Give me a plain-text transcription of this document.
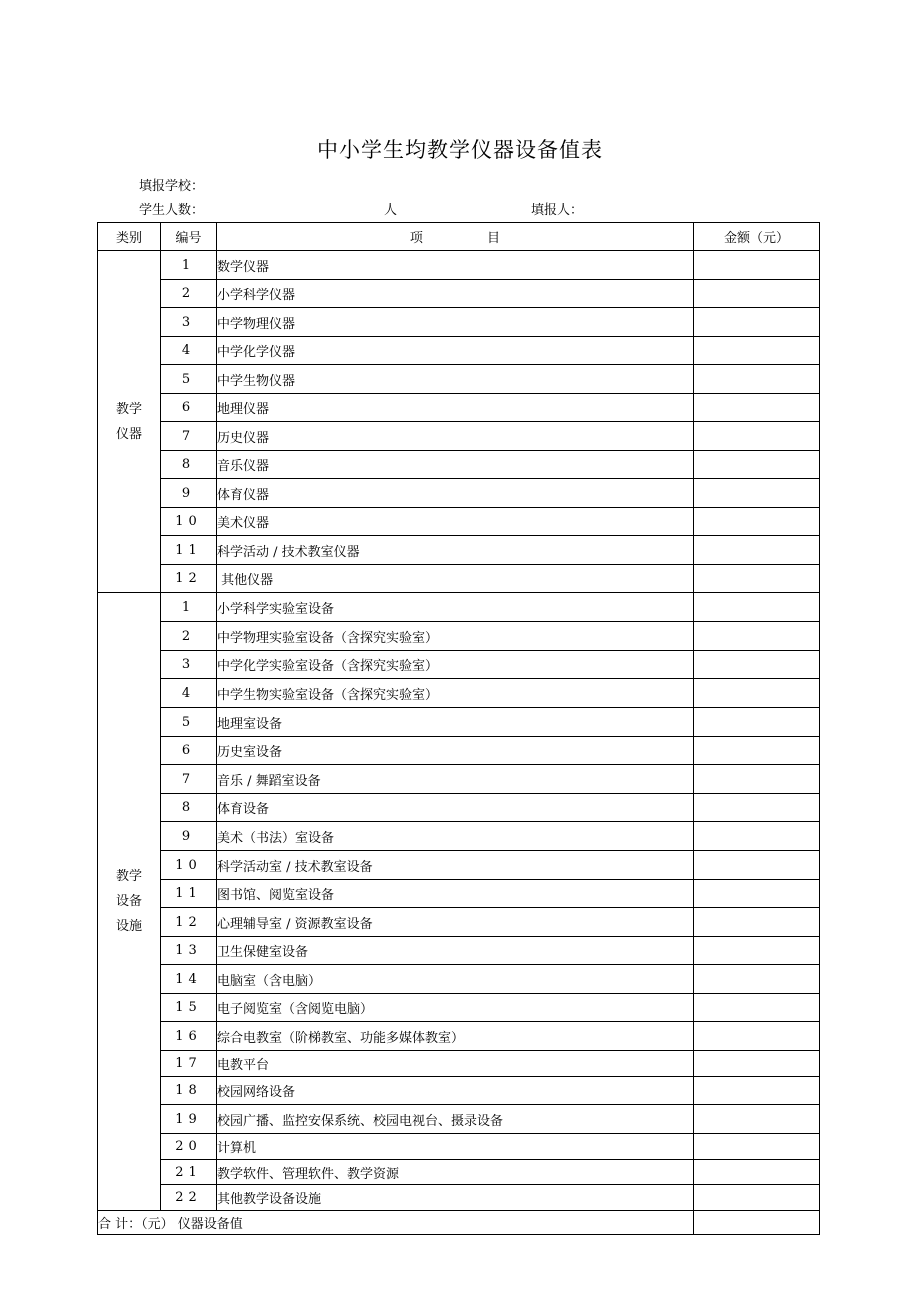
中小学生均教学仪器设备值表
填报学校：
学生人数：	人	填报人：
类别	编号	项 目	金额（元）
教学
仪器	1	数学仪器	
	2	小学科学仪器	
	3	中学物理仪器	
	4	中学化学仪器	
	5	中学生物仪器	
	6	地理仪器	
	7	历史仪器	
	8	音乐仪器	
	9	体育仪器	
	10	美术仪器	
	11	科学活动 / 技术教室仪器	
	12	其他仪器	
教学
设备
设施	1	小学科学实验室设备	
	2	中学物理实验室设备（含探究实验室）	
	3	中学化学实验室设备（含探究实验室）	
	4	中学生物实验室设备（含探究实验室）	
	5	地理室设备	
	6	历史室设备	
	7	音乐 / 舞蹈室设备	
	8	体育设备	
	9	美术（书法）室设备	
	10	科学活动室 / 技术教室设备	
	11	图书馆、阅览室设备	
	12	心理辅导室 / 资源教室设备	
	13	卫生保健室设备	
	14	电脑室（含电脑）	
	15	电子阅览室（含阅览电脑）	
	16	综合电教室（阶梯教室、功能多媒体教室）	
	17	电教平台	
	18	校园网络设备	
	19	校园广播、监控安保系统、校园电视台、摄录设备	
	20	计算机	
	21	教学软件、管理软件、教学资源	
	22	其他教学设备设施	
合 计：（元） 仪器设备值			
